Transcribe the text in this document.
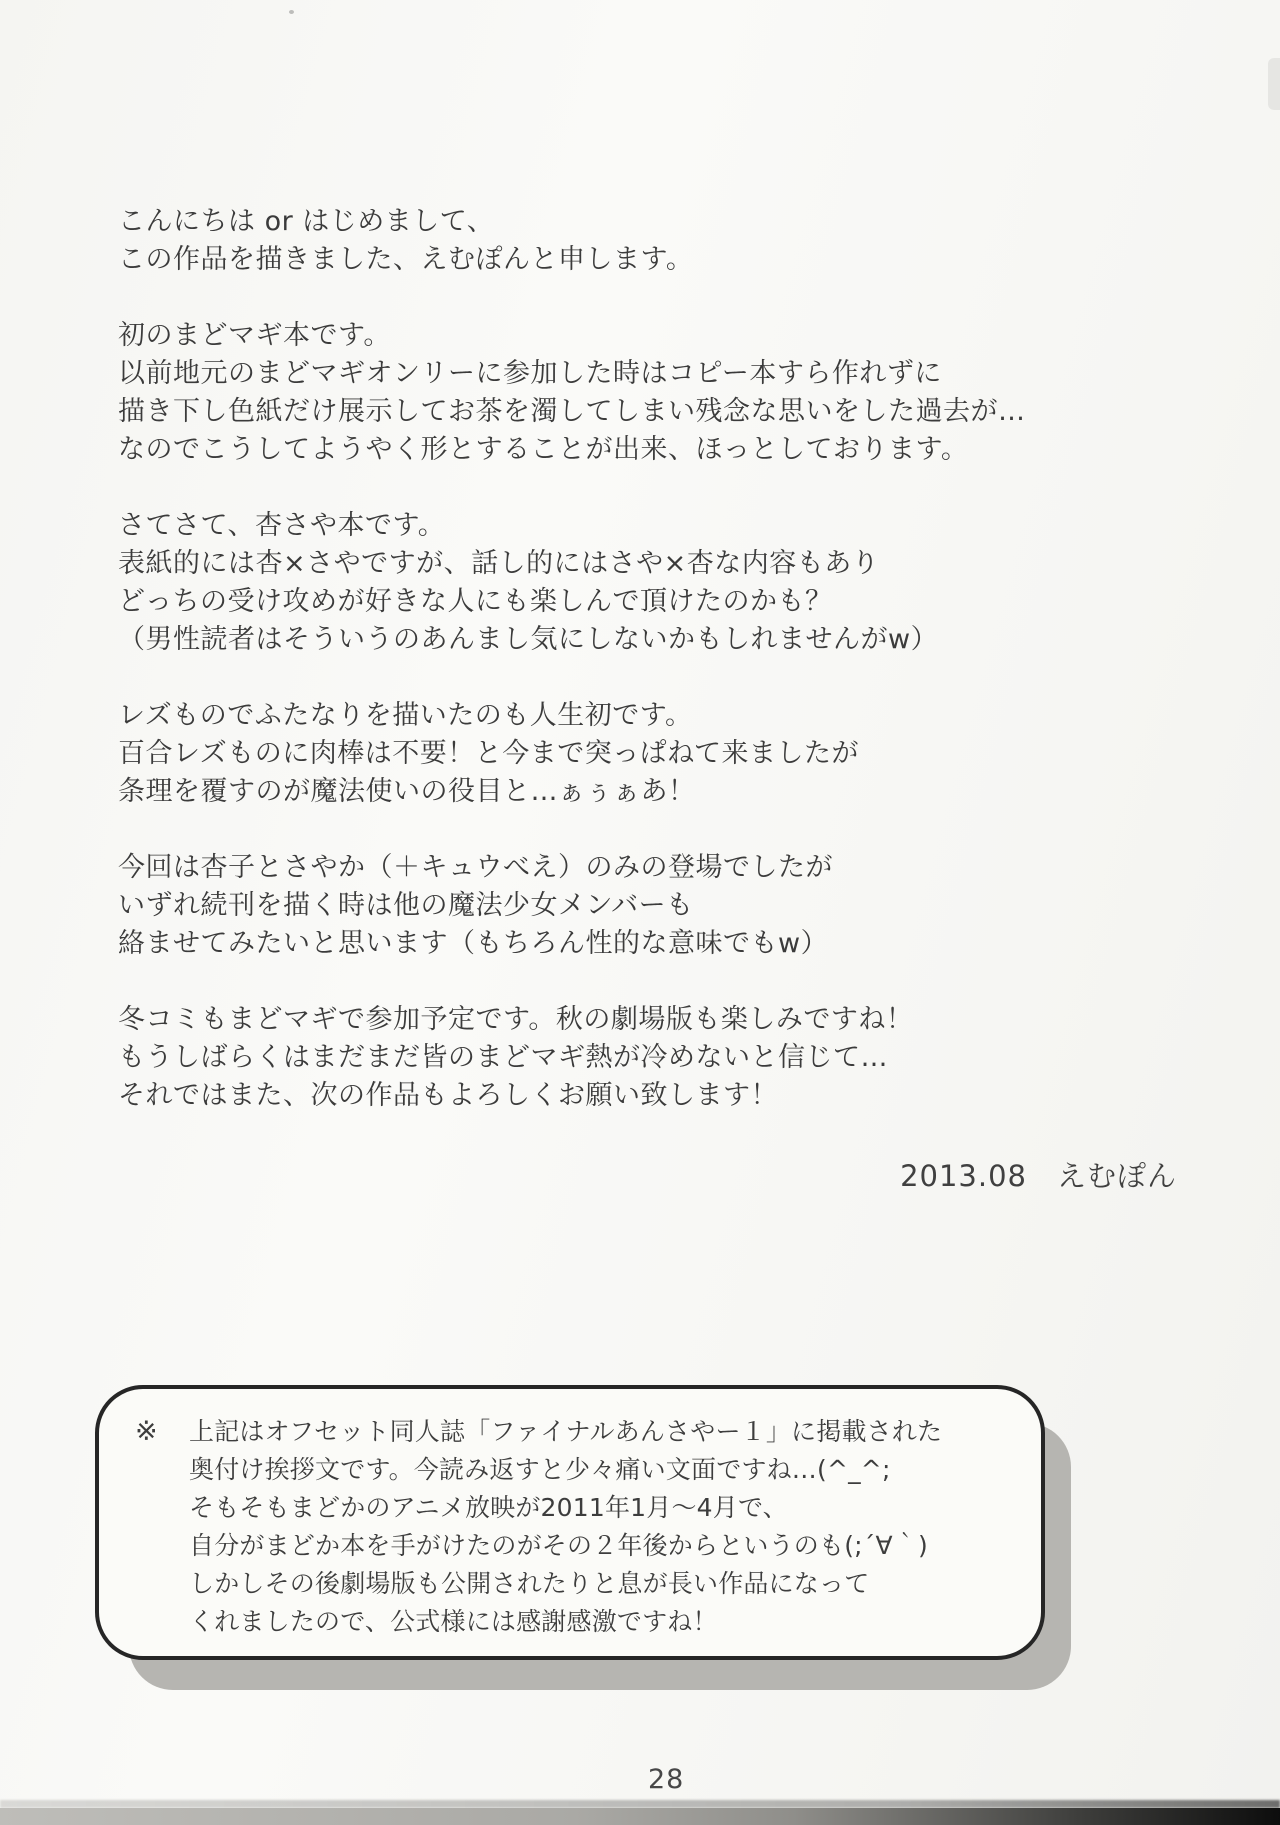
こんにちは or はじめまして、
この作品を描きました、えむぽんと申します。
初のまどマギ本です。
以前地元のまどマギオンリーに参加した時はコピー本すら作れずに
描き下し色紙だけ展示してお茶を濁してしまい残念な思いをした過去が…
なのでこうしてようやく形とすることが出来、ほっとしております。
さてさて、杏さや本です。
表紙的には杏×さやですが、話し的にはさや×杏な内容もあり
どっちの受け攻めが好きな人にも楽しんで頂けたのかも？
（男性読者はそういうのあんまし気にしないかもしれませんがw）
レズものでふたなりを描いたのも人生初です。
百合レズものに肉棒は不要！と今まで突っぱねて来ましたが
条理を覆すのが魔法使いの役目と…ぁぅぁあ！
今回は杏子とさやか（＋キュウべえ）のみの登場でしたが
いずれ続刊を描く時は他の魔法少女メンバーも
絡ませてみたいと思います（もちろん性的な意味でもw）
冬コミもまどマギで参加予定です。秋の劇場版も楽しみですね！
もうしばらくはまだまだ皆のまどマギ熱が冷めないと信じて…
それではまた、次の作品もよろしくお願い致します！
2013.08　えむぽん
※	上記はオフセット同人誌「ファイナルあんさやー１」に掲載された
奥付け挨拶文です。今読み返すと少々痛い文面ですね…(^_^;
そもそもまどかのアニメ放映が2011年1月〜4月で、
自分がまどか本を手がけたのがその２年後からというのも(;´∀｀)
しかしその後劇場版も公開されたりと息が長い作品になって
くれましたので、公式様には感謝感激ですね！
28
